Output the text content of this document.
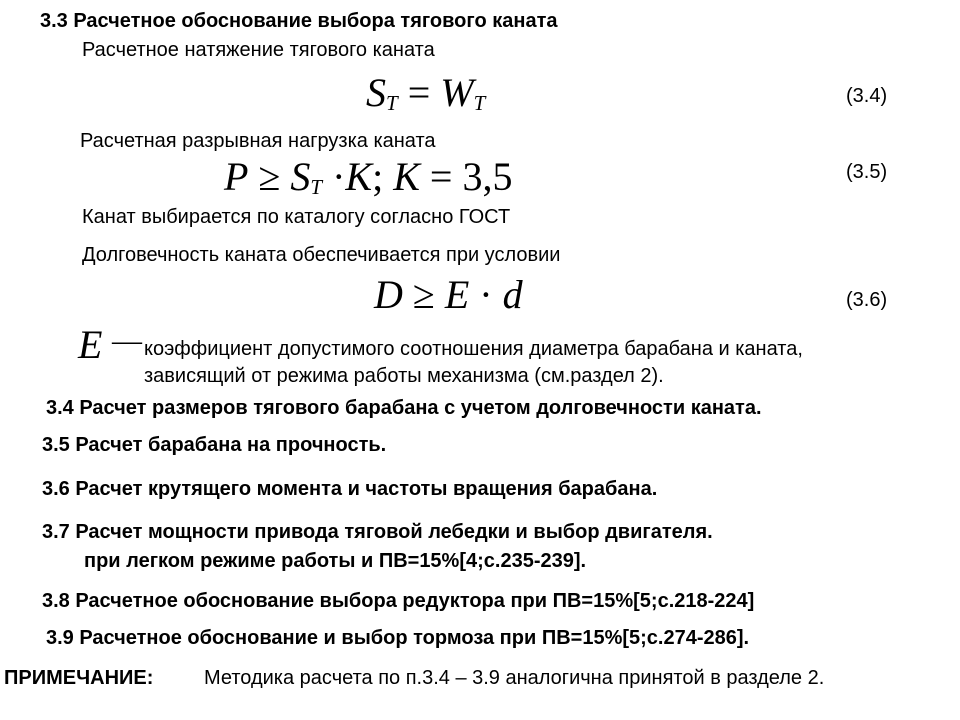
3.3 Расчетное обоснование выбора тягового каната
Расчетное натяжение тягового каната
$S_T = W_T$	(3.4)
Расчетная разрывная нагрузка каната
$P \ge S_T \cdot K$; K = 3,5	(3.5)
Канат выбирается по каталогу согласно ГОСТ
Долговечность каната обеспечивается при условии
D ≥ E · d	(3.6)
E — коэффициент допустимого соотношения диаметра барабана и каната,
зависящий от режима работы механизма (см.раздел 2).
3.4 Расчет размеров тягового барабана с учетом долговечности каната.
3.5 Расчет барабана на прочность.
3.6 Расчет крутящего момента и частоты вращения барабана.
3.7 Расчет мощности привода тяговой лебедки и выбор двигателя.
при легком режиме работы и ПВ=15%[4;с.235-239].
3.8 Расчетное обоснование выбора редуктора при ПВ=15%[5;с.218-224]
3.9 Расчетное обоснование и выбор тормоза при ПВ=15%[5;с.274-286].
ПРИМЕЧАНИЕ:	Методика расчета по п.3.4 – 3.9 аналогична принятой в разделе 2.
